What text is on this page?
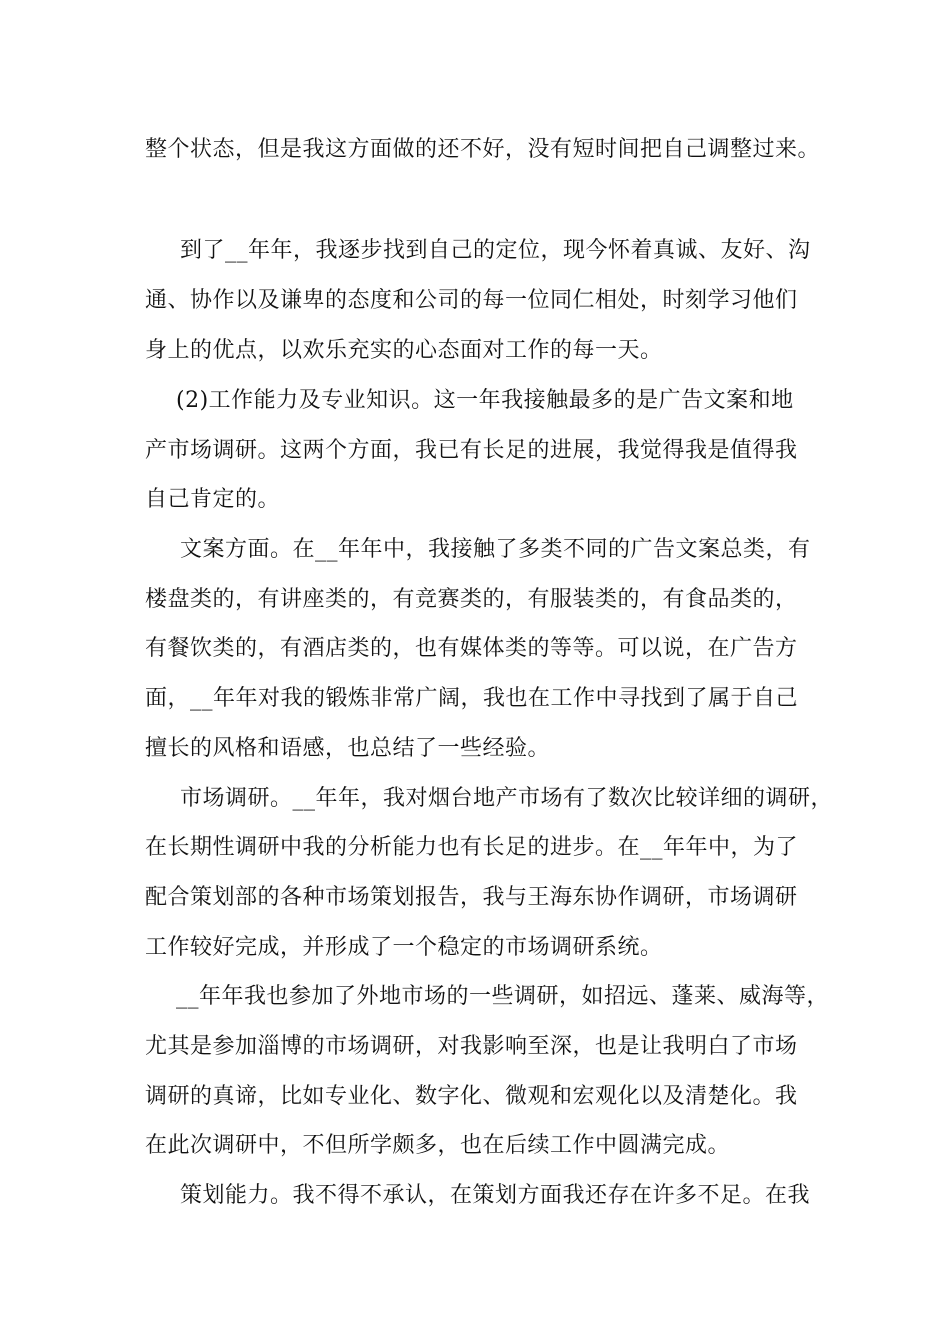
整个状态，但是我这方面做的还不好，没有短时间把自己调整过来。
到了__年年，我逐步找到自己的定位，现今怀着真诚、友好、沟
通、协作以及谦卑的态度和公司的每一位同仁相处，时刻学习他们
身上的优点，以欢乐充实的心态面对工作的每一天。
(2)工作能力及专业知识。这一年我接触最多的是广告文案和地
产市场调研。这两个方面，我已有长足的进展，我觉得我是值得我
自己肯定的。
文案方面。在__年年中，我接触了多类不同的广告文案总类，有
楼盘类的，有讲座类的，有竞赛类的，有服装类的，有食品类的，
有餐饮类的，有酒店类的，也有媒体类的等等。可以说，在广告方
面，__年年对我的锻炼非常广阔，我也在工作中寻找到了属于自己
擅长的风格和语感，也总结了一些经验。
市场调研。__年年，我对烟台地产市场有了数次比较详细的调研，
在长期性调研中我的分析能力也有长足的进步。在__年年中，为了
配合策划部的各种市场策划报告，我与王海东协作调研，市场调研
工作较好完成，并形成了一个稳定的市场调研系统。
__年年我也参加了外地市场的一些调研，如招远、蓬莱、威海等，
尤其是参加淄博的市场调研，对我影响至深，也是让我明白了市场
调研的真谛，比如专业化、数字化、微观和宏观化以及清楚化。我
在此次调研中，不但所学颇多，也在后续工作中圆满完成。
策划能力。我不得不承认，在策划方面我还存在许多不足。在我
